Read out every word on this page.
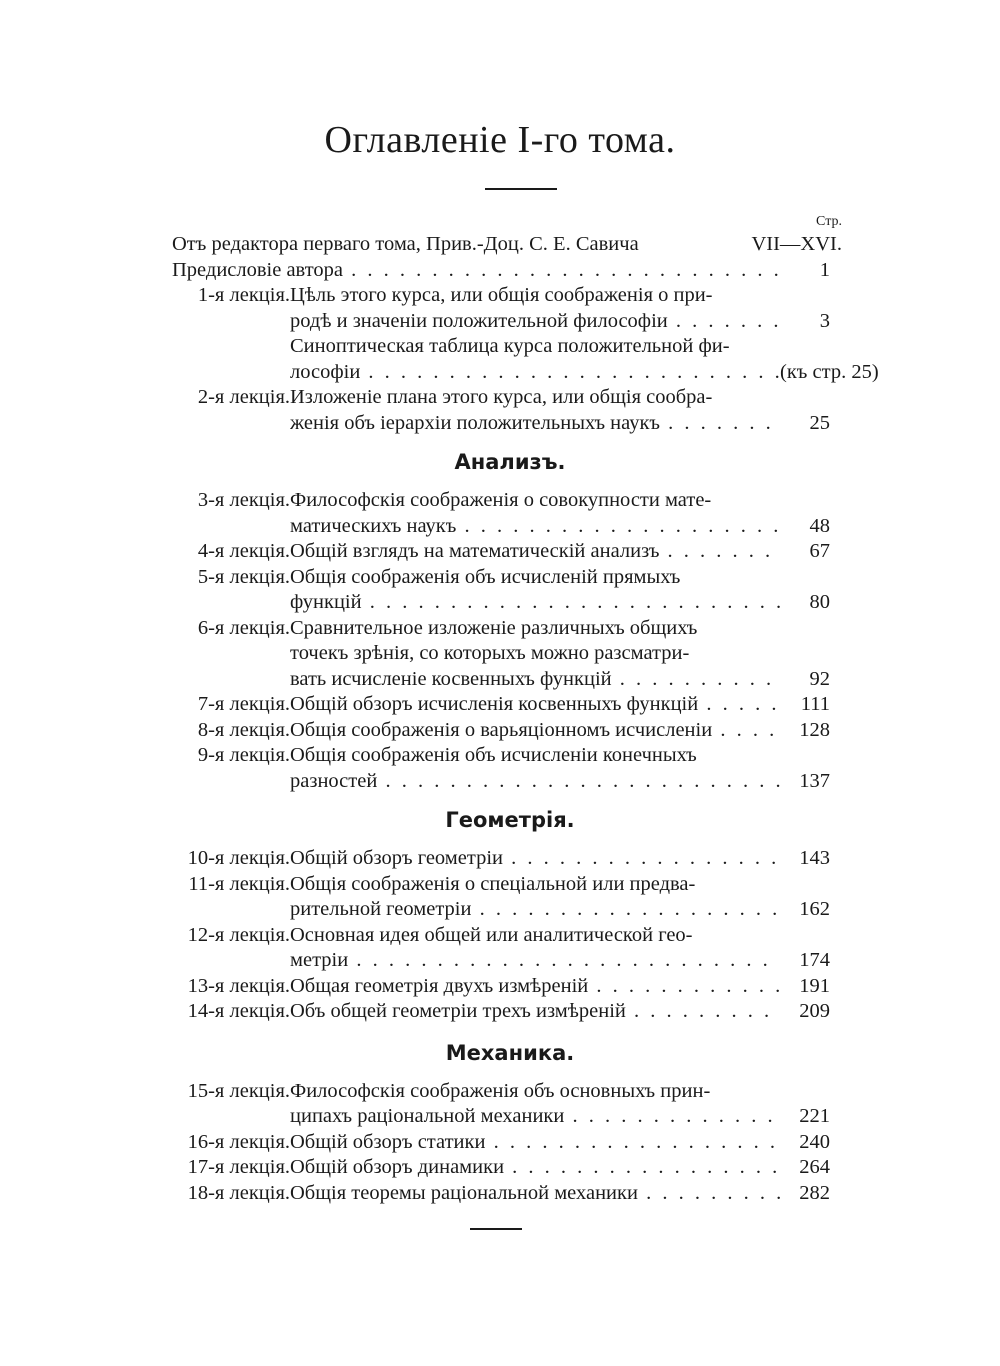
Оглавленіе I-го тома.
Стр.
Отъ редактора перваго тома, Прив.-Доц. С. Е. Савича	VII—XVI.
Предисловіе автора . . .	1
1-я лекція. Цѣль этого курса, или общія соображенія о при-
родѣ и значеніи положительной философіи . . .	3
Синоптическая таблица курса положительной фи-
лософіи . . .	(къ стр. 25)
2-я лекція. Изложеніе плана этого курса, или общія сообра-
женія объ іерархіи положительныхъ наукъ . . .	25
Анализъ.
3-я лекція. Философскія соображенія о совокупности мате-
матическихъ наукъ . . .	48
4-я лекція. Общій взглядъ на математическій анализъ . . .	67
5-я лекція. Общія соображенія объ исчисленій прямыхъ
функцій . . .	80
6-я лекція. Сравнительное изложеніе различныхъ общихъ
точекъ зрѣнія, со которыхъ можно разсматри-
вать исчисленіе косвенныхъ функцій . . .	92
7-я лекція. Общій обзоръ исчисленія косвенныхъ функцій . . .	111
8-я лекція. Общія соображенія о варьяціонномъ исчисленіи . . .	128
9-я лекція. Общія соображенія объ исчисленіи конечныхъ
разностей . . .	137
Геометрія.
10-я лекція. Общій обзоръ геометріи . . .	143
11-я лекція. Общія соображенія о спеціальной или предва-
рительной геометріи . . .	162
12-я лекція. Основная идея общей или аналитической гео-
метріи . . .	174
13-я лекція. Общая геометрія двухъ измѣреній . . .	191
14-я лекція. Объ общей геометріи трехъ измѣреній . . .	209
Механика.
15-я лекція. Философскія соображенія объ основныхъ прин-
ципахъ раціональной механики . . .	221
16-я лекція. Общій обзоръ статики . . .	240
17-я лекція. Общій обзоръ динамики . . .	264
18-я лекція. Общія теоремы раціональной механики . . .	282
